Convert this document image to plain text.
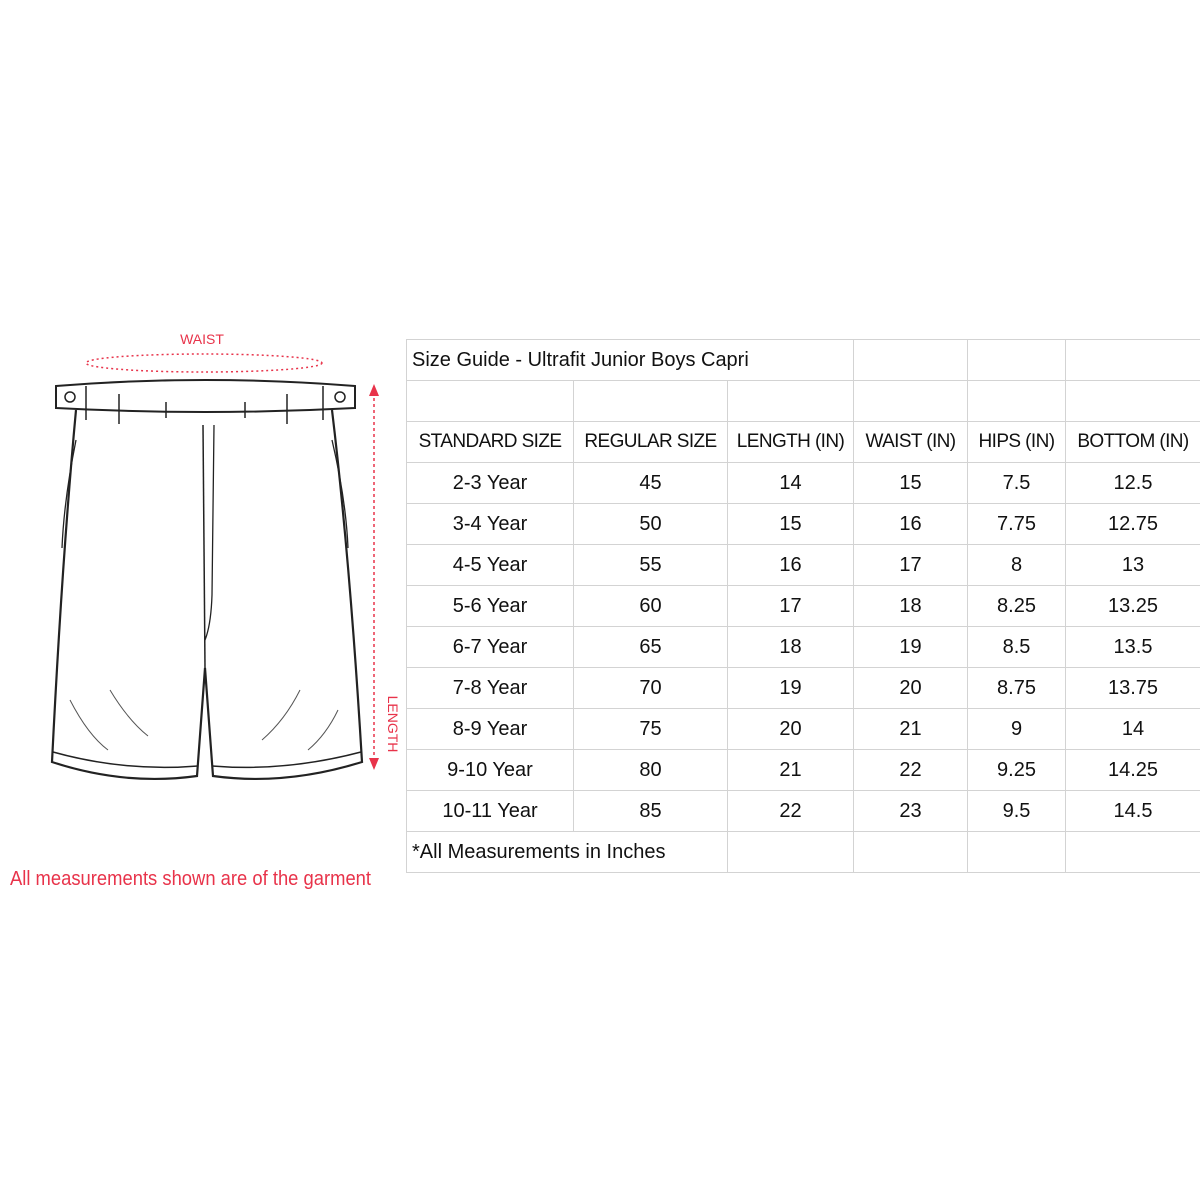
WAIST
LENGTH
All measurements shown are of the garment
Size Guide - Ultrafit Junior Boys Capri					

STANDARD SIZE	REGULAR SIZE	LENGTH (IN)	WAIST (IN)	HIPS (IN)	BOTTOM (IN)
2-3 Year	45	14	15	7.5	12.5
3-4 Year	50	15	16	7.75	12.75
4-5 Year	55	16	17	8	13
5-6 Year	60	17	18	8.25	13.25
6-7 Year	65	18	19	8.5	13.5
7-8 Year	70	19	20	8.75	13.75
8-9 Year	75	20	21	9	14
9-10 Year	80	21	22	9.25	14.25
10-11 Year	85	22	23	9.5	14.5
*All Measurements in Inches					
